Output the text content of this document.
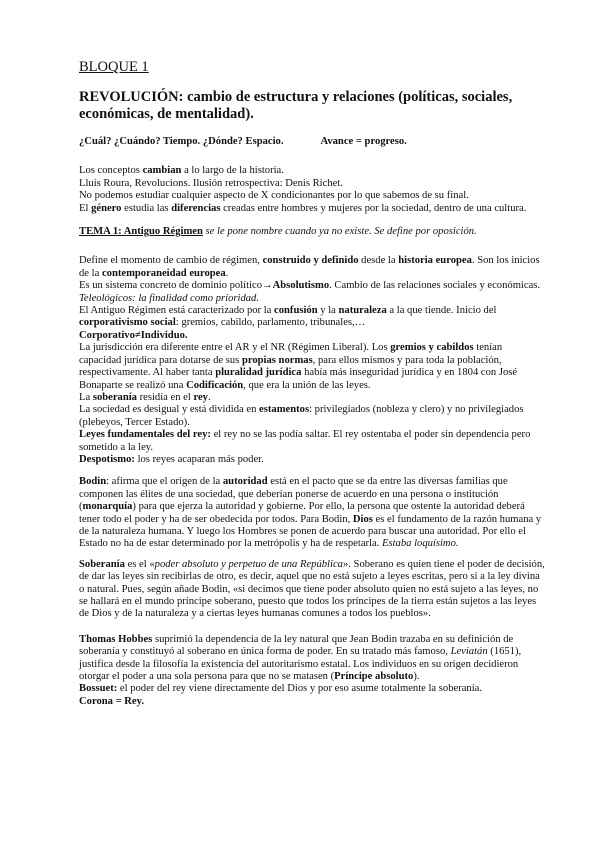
BLOQUE 1

REVOLUCIÓN: cambio de estructura y relaciones (políticas, sociales, económicas, de mentalidad).

¿Cuál? ¿Cuándo? Tiempo. ¿Dónde? Espacio.	Avance = progreso.

Los conceptos cambian a lo largo de la historia.

Lluis Roura, Revolucions. Ilusión retrospectiva: Denis Richet.

No podemos estudiar cualquier aspecto de X condicionantes por lo que sabemos de su final.

El género estudia las diferencias creadas entre hombres y mujeres por la sociedad, dentro de una cultura.

TEMA 1: Antiguo Régimen se le pone nombre cuando ya no existe. Se define por oposición.

Define el momento de cambio de régimen, construido y definido desde la historia europea. Son los inicios de la contemporaneidad europea.

Es un sistema concreto de dominio político→Absolutismo. Cambio de las relaciones sociales y económicas.

Teleológicos: la finalidad como prioridad.

El Antiguo Régimen está caracterizado por la confusión y la naturaleza a la que tiende. Inicio del corporativismo social: gremios, cabildo, parlamento, tribunales,…

Corporativo≠Individuo.

La jurisdicción era diferente entre el AR y el NR (Régimen Liberal). Los gremios y cabildos tenían capacidad jurídica para dotarse de sus propias normas, para ellos mismos y para toda la población, respectivamente. Al haber tanta pluralidad jurídica había más inseguridad jurídica y en 1804 con José Bonaparte se realizó una Codificación, que era la unión de las leyes.

La soberanía residía en el rey.

La sociedad es desigual y está dividida en estamentos: privilegiados (nobleza y clero) y no privilegiados (plebeyos, Tercer Estado).

Leyes fundamentales del rey: el rey no se las podía saltar. El rey ostentaba el poder sin dependencia pero sometido a la ley.

Despotismo: los reyes acaparan más poder.

Bodin: afirma que el origen de la autoridad está en el pacto que se da entre las diversas familias que componen las élites de una sociedad, que deberían ponerse de acuerdo en una persona o institución (monarquía) para que ejerza la autoridad y gobierne. Por ello, la persona que ostente la autoridad deberá tener todo el poder y ha de ser obedecida por todos. Para Bodin, Dios es el fundamento de la razón humana y de la naturaleza humana. Y luego los Hombres se ponen de acuerdo para buscar una autoridad. Por ello el Estado no ha de estar determinado por la metrópolis y ha de respetarla. Estaba loquísimo.

Soberanía es el «poder absoluto y perpetuo de una República». Soberano es quien tiene el poder de decisión, de dar las leyes sin recibirlas de otro, es decir, aquel que no está sujeto a leyes escritas, pero sí a la ley divina o natural. Pues, según añade Bodin, «si decimos que tiene poder absoluto quien no está sujeto a las leyes, no se hallará en el mundo príncipe soberano, puesto que todos los príncipes de la tierra están sujetos a las leyes de Dios y de la naturaleza y a ciertas leyes humanas comunes a todos los pueblos».

Thomas Hobbes suprimió la dependencia de la ley natural que Jean Bodin trazaba en su definición de soberanía y constituyó al soberano en única forma de poder. En su tratado más famoso, Leviatán (1651), justifica desde la filosofía la existencia del autoritarismo estatal. Los individuos en su origen decidieron otorgar el poder a una sola persona para que no se matasen (Príncipe absoluto).

Bossuet: el poder del rey viene directamente del Dios y por eso asume totalmente la soberanía.

Corona = Rey.
